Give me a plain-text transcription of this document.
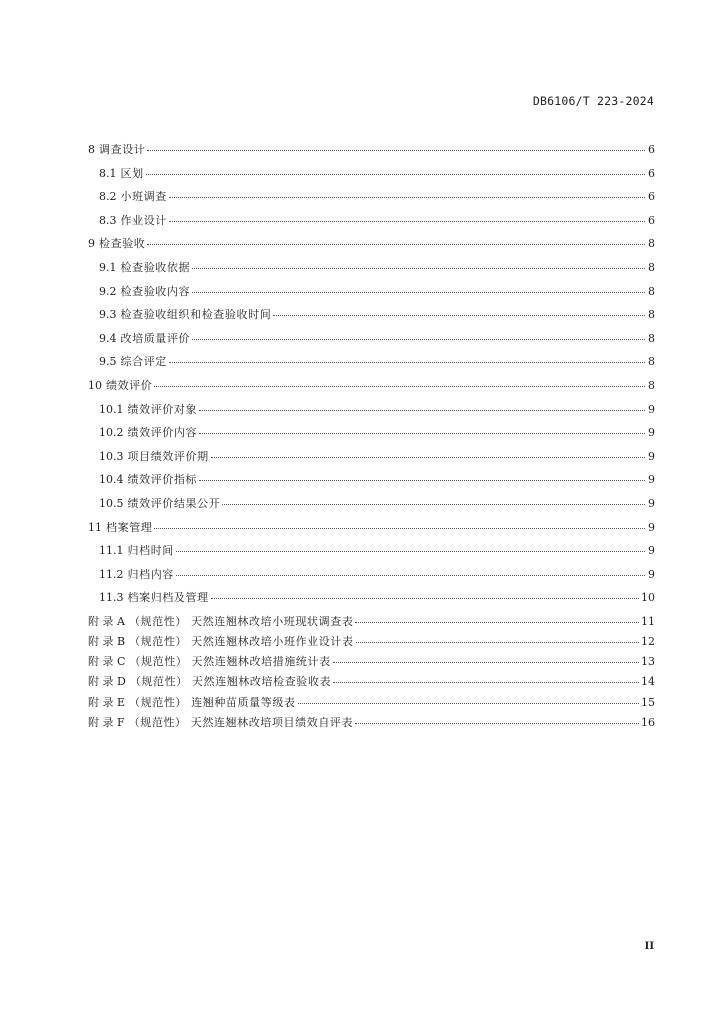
DB6106/T 223-2024
8 调查设计	6
8.1 区划	6
8.2 小班调查	6
8.3 作业设计	6
9 检查验收	8
9.1 检查验收依据	8
9.2 检查验收内容	8
9.3 检查验收组织和检查验收时间	8
9.4 改培质量评价	8
9.5 综合评定	8
10 绩效评价	8
10.1 绩效评价对象	9
10.2 绩效评价内容	9
10.3 项目绩效评价期	9
10.4 绩效评价指标	9
10.5 绩效评价结果公开	9
11 档案管理	9
11.1 归档时间	9
11.2 归档内容	9
11.3 档案归档及管理	10
附 录 A （规范性） 天然连翘林改培小班现状调查表	11
附 录 B （规范性） 天然连翘林改培小班作业设计表	12
附 录 C （规范性） 天然连翘林改培措施统计表	13
附 录 D （规范性） 天然连翘林改培检查验收表	14
附 录 E （规范性） 连翘种苗质量等级表	15
附 录 F （规范性） 天然连翘林改培项目绩效自评表	16
II
